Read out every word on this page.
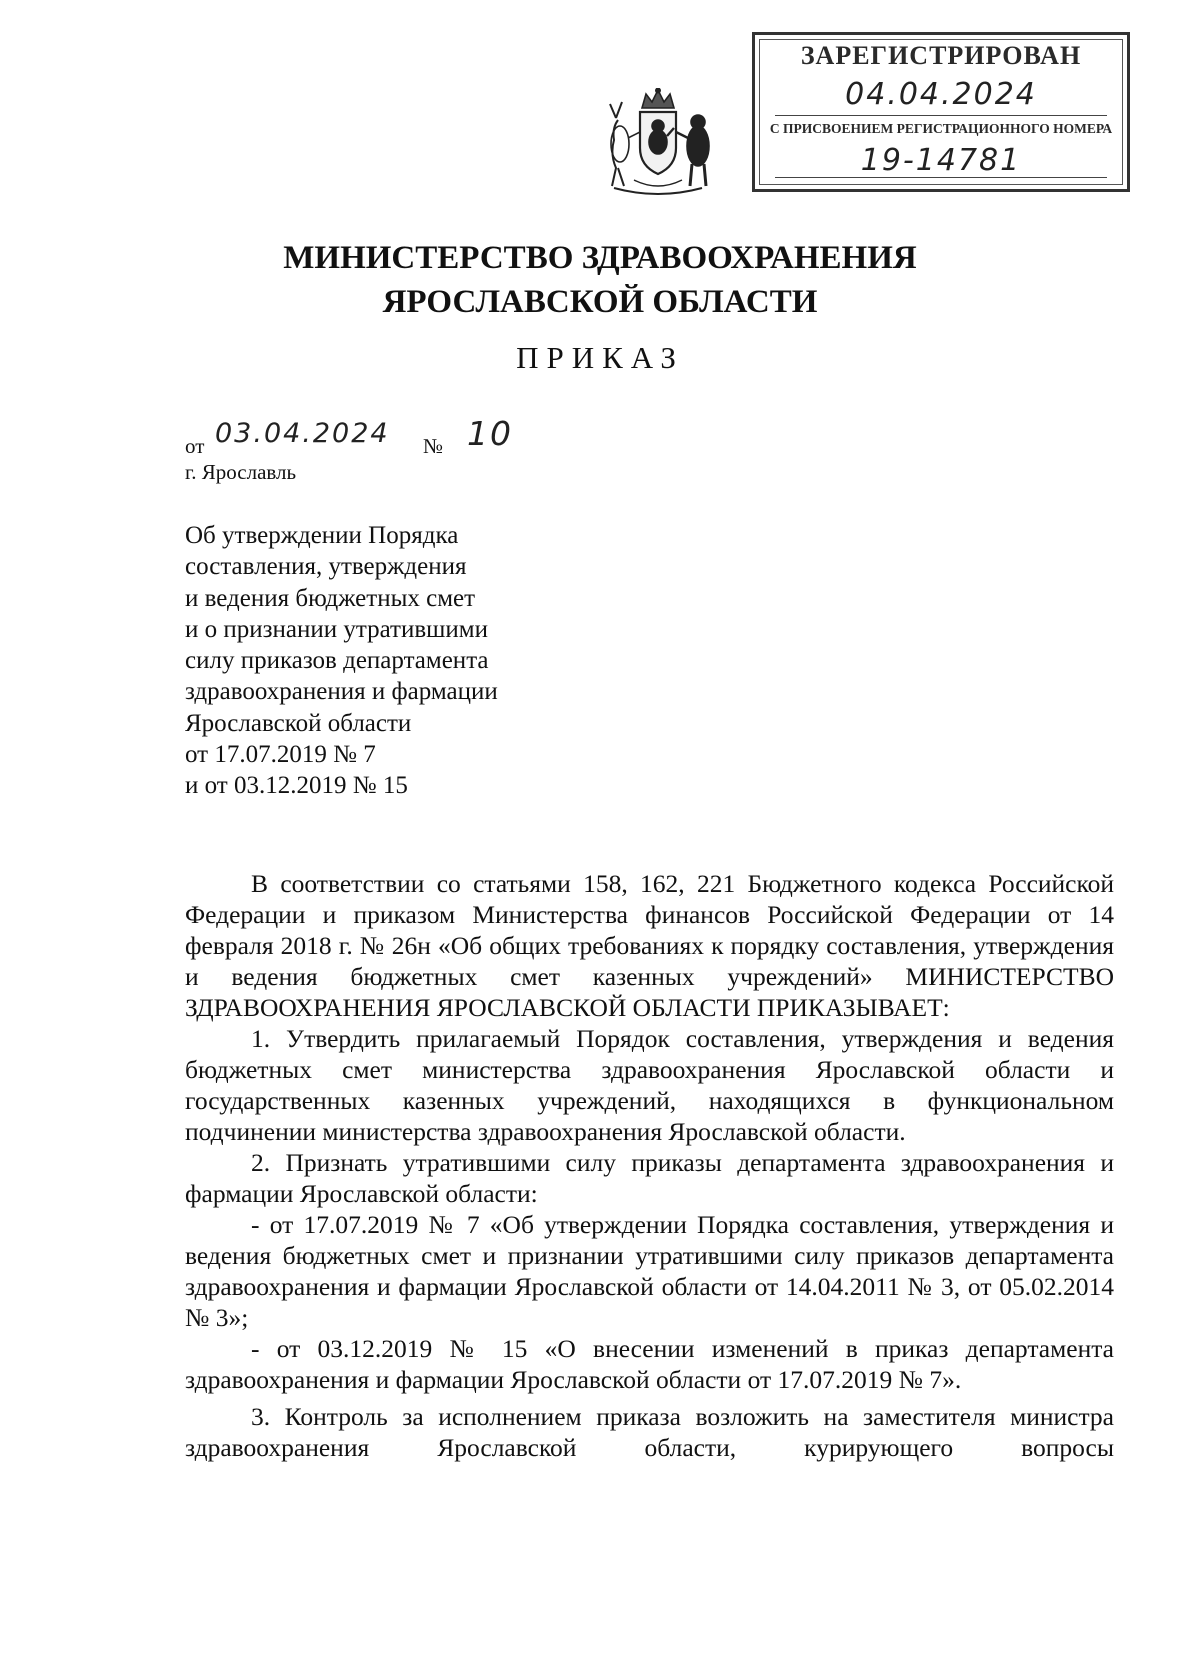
ЗАРЕГИСТРИРОВАН
04.04.2024
С ПРИСВОЕНИЕМ РЕГИСТРАЦИОННОГО НОМЕРА
19-14781
МИНИСТЕРСТВО ЗДРАВООХРАНЕНИЯ
ЯРОСЛАВСКОЙ ОБЛАСТИ
ПРИКАЗ
от 03.04.2024 № 10
г. Ярославль
Об утверждении Порядка
составления, утверждения
и ведения бюджетных смет
и о признании утратившими
силу приказов департамента
здравоохранения и фармации
Ярославской области
от 17.07.2019 № 7
и от 03.12.2019 № 15

В соответствии со статьями 158, 162, 221 Бюджетного кодекса Российской Федерации и приказом Министерства финансов Российской Федерации от 14 февраля 2018 г. № 26н «Об общих требованиях к порядку составления, утверждения и ведения бюджетных смет казенных учреждений» МИНИСТЕРСТВО ЗДРАВООХРАНЕНИЯ ЯРОСЛАВСКОЙ ОБЛАСТИ ПРИКАЗЫВАЕТ:

1. Утвердить прилагаемый Порядок составления, утверждения и ведения бюджетных смет министерства здравоохранения Ярославской области и государственных казенных учреждений, находящихся в функциональном подчинении министерства здравоохранения Ярославской области.

2. Признать утратившими силу приказы департамента здравоохранения и фармации Ярославской области:

- от 17.07.2019 № 7 «Об утверждении Порядка составления, утверждения и ведения бюджетных смет и признании утратившими силу приказов департамента здравоохранения и фармации Ярославской области от 14.04.2011 № 3, от 05.02.2014 № 3»;

- от 03.12.2019 № 15 «О внесении изменений в приказ департамента здравоохранения и фармации Ярославской области от 17.07.2019 № 7».

3. Контроль за исполнением приказа возложить на заместителя министра здравоохранения Ярославской области, курирующего вопросы
